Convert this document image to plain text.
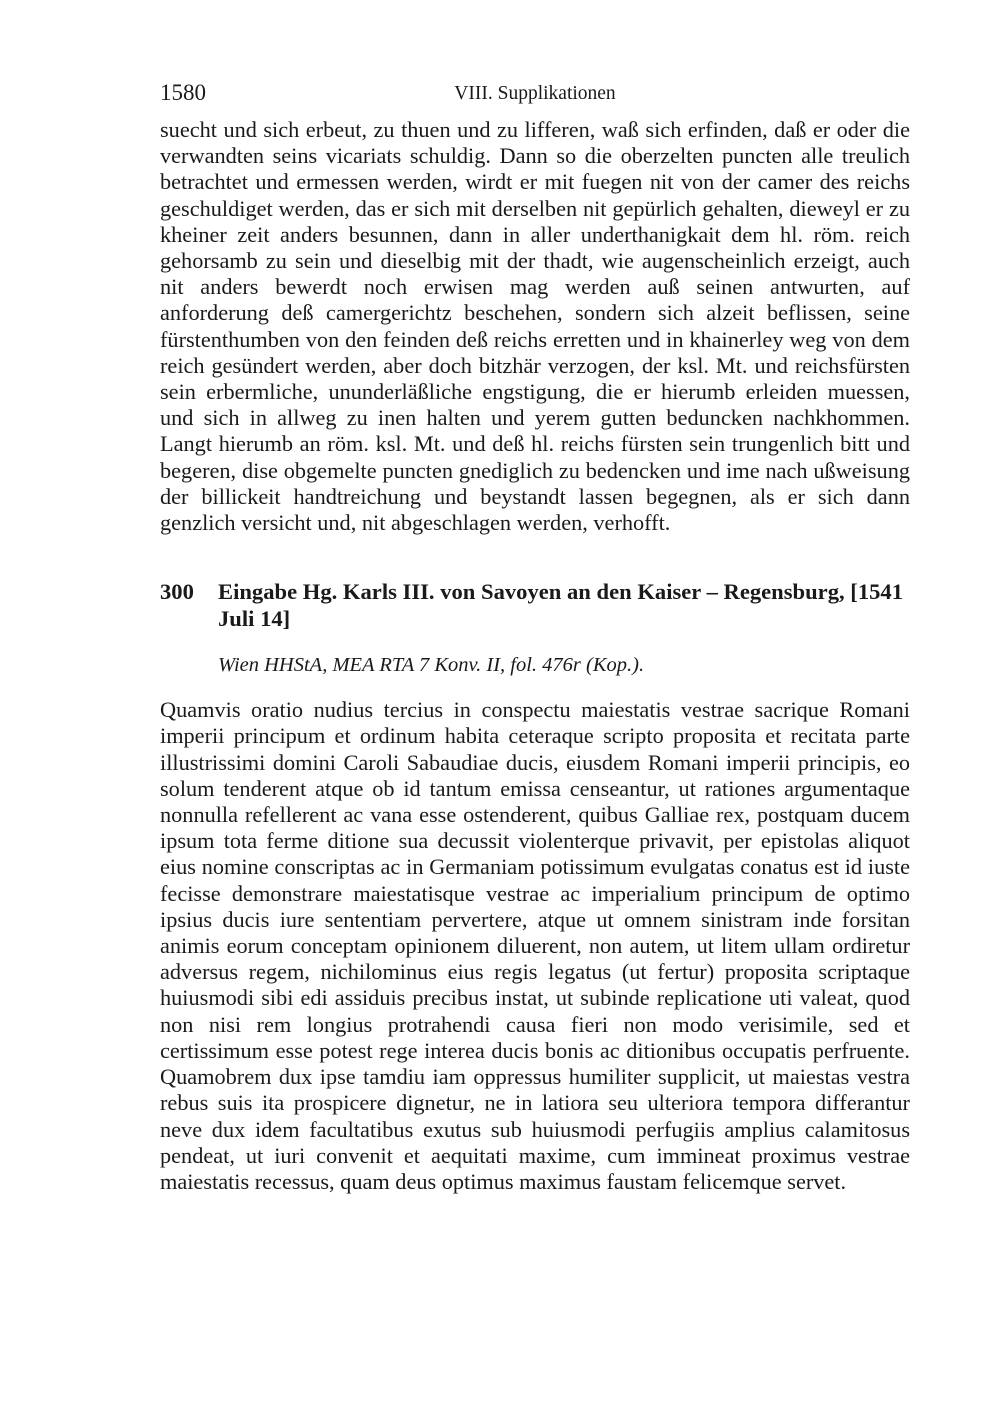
1580	VIII. Supplikationen

suecht und sich erbeut, zu thuen und zu lifferen, waß sich erfinden, daß er oder die verwandten seins vicariats schuldig. Dann so die oberzelten puncten alle treulich betrachtet und ermessen werden, wirdt er mit fuegen nit von der camer des reichs geschuldiget werden, das er sich mit derselben nit gepürlich gehalten, dieweyl er zu kheiner zeit anders besunnen, dann in aller underthanigkait dem hl. röm. reich gehorsamb zu sein und dieselbig mit der thadt, wie augenscheinlich erzeigt, auch nit anders bewerdt noch erwisen mag werden auß seinen antwurten, auf anforderung deß camergerichtz beschehen, sondern sich alzeit beflissen, seine fürstenthumben von den feinden deß reichs erretten und in khainerley weg von dem reich gesündert werden, aber doch bitzhär verzogen, der ksl. Mt. und reichsfürsten sein erbermliche, ununderläßliche engstigung, die er hierumb erleiden muessen, und sich in allweg zu inen halten und yerem gutten beduncken nachkhommen. Langt hierumb an röm. ksl. Mt. und deß hl. reichs fürsten sein trungenlich bitt und begeren, dise obgemelte puncten gnediglich zu bedencken und ime nach ußweisung der billickeit handtreichung und beystandt lassen begegnen, als er sich dann genzlich versicht und, nit abgeschlagen werden, verhofft.

300	Eingabe Hg. Karls III. von Savoyen an den Kaiser – Regensburg, [1541 Juli 14]
Wien HHStA, MEA RTA 7 Konv. II, fol. 476r (Kop.).

Quamvis oratio nudius tercius in conspectu maiestatis vestrae sacrique Romani imperii principum et ordinum habita ceteraque scripto proposita et recitata parte illustrissimi domini Caroli Sabaudiae ducis, eiusdem Romani imperii principis, eo solum tenderent atque ob id tantum emissa censeantur, ut rationes argumentaque nonnulla refellerent ac vana esse ostenderent, quibus Galliae rex, postquam ducem ipsum tota ferme ditione sua decussit violenterque privavit, per epistolas aliquot eius nomine conscriptas ac in Germaniam potissimum evulgatas conatus est id iuste fecisse demonstrare maiestatisque vestrae ac imperialium principum de optimo ipsius ducis iure sententiam pervertere, atque ut omnem sinistram inde forsitan animis eorum conceptam opinionem diluerent, non autem, ut litem ullam ordiretur adversus regem, nichilominus eius regis legatus (ut fertur) proposita scriptaque huiusmodi sibi edi assiduis precibus instat, ut subinde replicatione uti valeat, quod non nisi rem longius protrahendi causa fieri non modo verisimile, sed et certissimum esse potest rege interea ducis bonis ac ditionibus occupatis perfruente. Quamobrem dux ipse tamdiu iam oppressus humiliter supplicit, ut maiestas vestra rebus suis ita prospicere dignetur, ne in latiora seu ulteriora tempora differantur neve dux idem facultatibus exutus sub huiusmodi perfugiis amplius calamitosus pendeat, ut iuri convenit et aequitati maxime, cum immineat proximus vestrae maiestatis recessus, quam deus optimus maximus faustam felicemque servet.
